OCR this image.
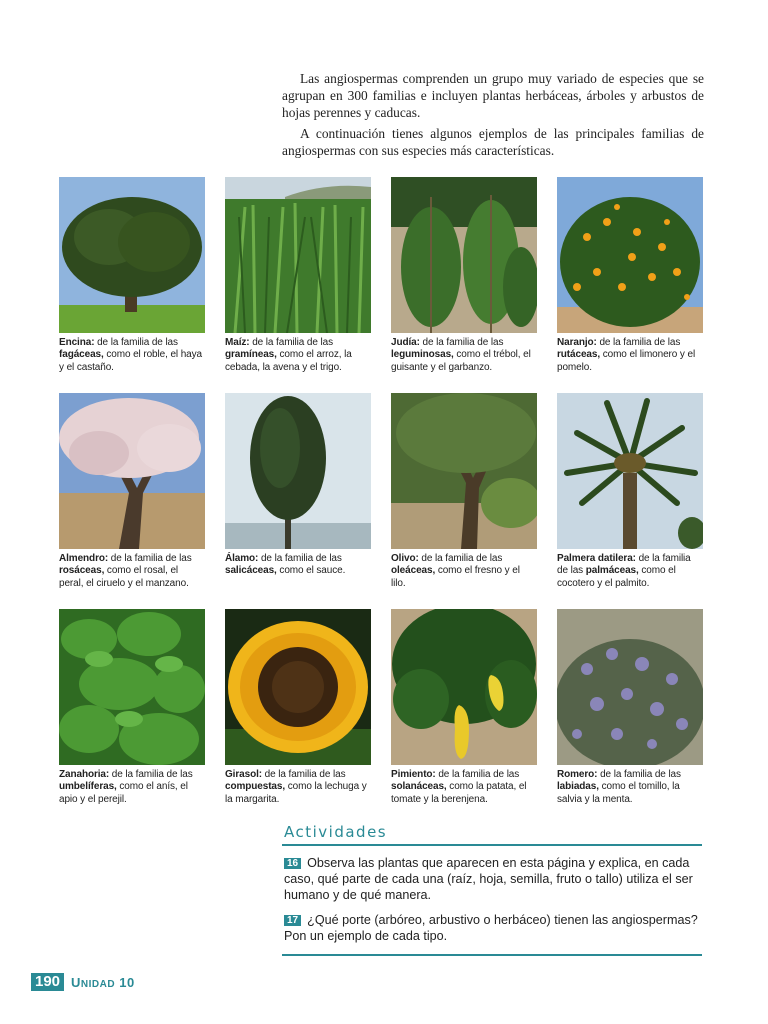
Las angiospermas comprenden un grupo muy variado de especies que se agrupan en 300 familias e incluyen plantas herbáceas, árboles y arbustos de hojas perennes y caducas.

A continuación tienes algunos ejemplos de las principales familias de angiospermas con sus especies más características.

Encina: de la familia de las fagáceas, como el roble, el haya y el castaño.
Maíz: de la familia de las gramíneas, como el arroz, la cebada, la avena y el trigo.
Judía: de la familia de las leguminosas, como el trébol, el guisante y el garbanzo.
Naranjo: de la familia de las rutáceas, como el limonero y el pomelo.
Almendro: de la familia de las rosáceas, como el rosal, el peral, el ciruelo y el manzano.
Álamo: de la familia de las salicáceas, como el sauce.
Olivo: de la familia de las oleáceas, como el fresno y el lilo.
Palmera datilera: de la familia de las palmáceas, como el cocotero y el palmito.
Zanahoria: de la familia de las umbelíferas, como el anís, el apio y el perejil.
Girasol: de la familia de las compuestas, como la lechuga y la margarita.
Pimiento: de la familia de las solanáceas, como la patata, el tomate y la berenjena.
Romero: de la familia de las labiadas, como el tomillo, la salvia y la menta.
Actividades
16 Observa las plantas que aparecen en esta página y explica, en cada caso, qué parte de cada una (raíz, hoja, semilla, fruto o tallo) utiliza el ser humano y de qué manera.
17 ¿Qué porte (arbóreo, arbustivo o herbáceo) tienen las angiospermas? Pon un ejemplo de cada tipo.
190 UNIDAD 10
